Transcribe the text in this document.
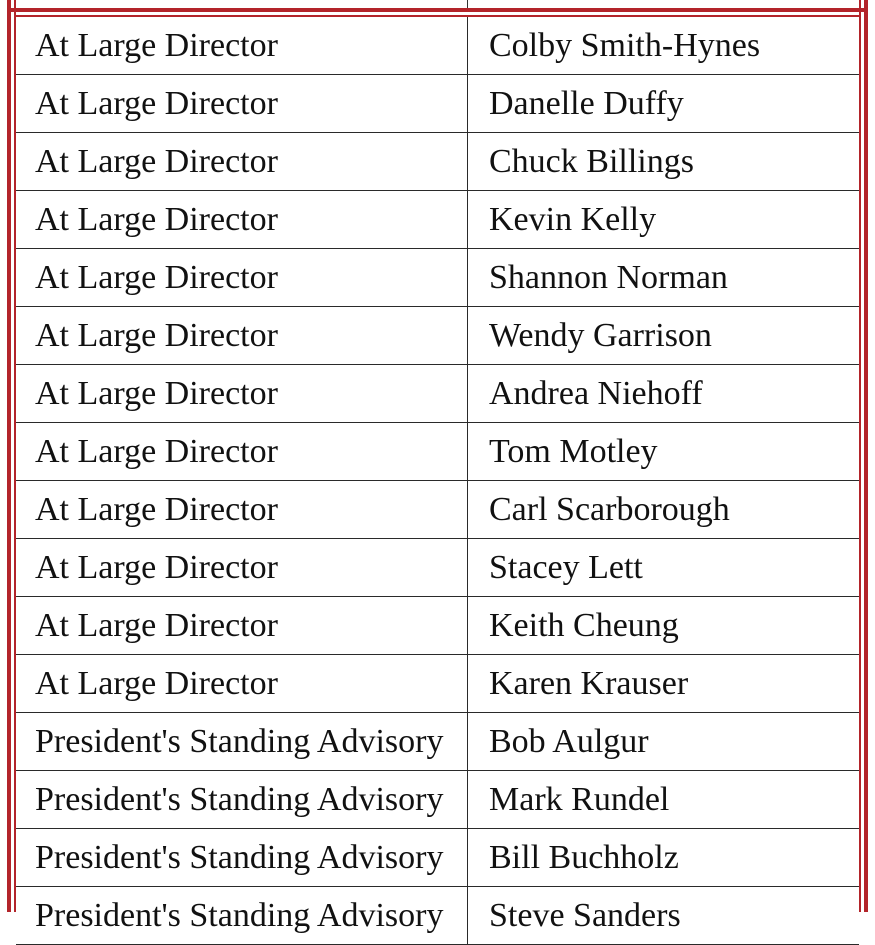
At Large Director	Colby Smith-Hynes
At Large Director	Danelle Duffy
At Large Director	Chuck Billings
At Large Director	Kevin Kelly
At Large Director	Shannon Norman
At Large Director	Wendy Garrison
At Large Director	Andrea Niehoff
At Large Director	Tom Motley
At Large Director	Carl Scarborough
At Large Director	Stacey Lett
At Large Director	Keith Cheung
At Large Director	Karen Krauser
President's Standing Advisory	Bob Aulgur
President's Standing Advisory	Mark Rundel
President's Standing Advisory	Bill Buchholz
President's Standing Advisory	Steve Sanders
